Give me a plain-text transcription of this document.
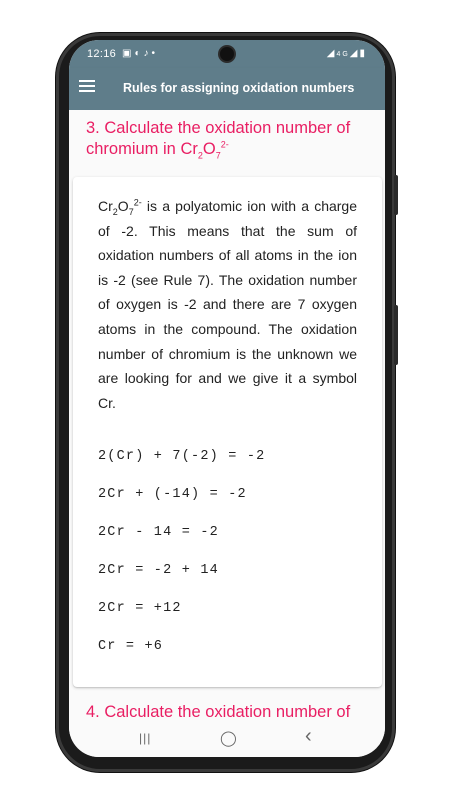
12:16 ▣◐♪•	◢4G◢▮
Rules for assigning oxidation numbers
3. Calculate the oxidation number of chromium in $Cr_2O_7^{2-}$
$Cr_2O_7^{2-}$ is a polyatomic ion with a charge of -2. This means that the sum of oxidation numbers of all atoms in the ion is -2 (see Rule 7). The oxidation number of oxygen is -2 and there are 7 oxygen atoms in the compound. The oxidation number of chromium is the unknown we are looking for and we give it a symbol Cr.
2(Cr) + 7(-2) = -2
2Cr + (-14) = -2
2Cr - 14 = -2
2Cr = -2 + 14
2Cr = +12
Cr = +6
4. Calculate the oxidation number of
|||	◯	‹
